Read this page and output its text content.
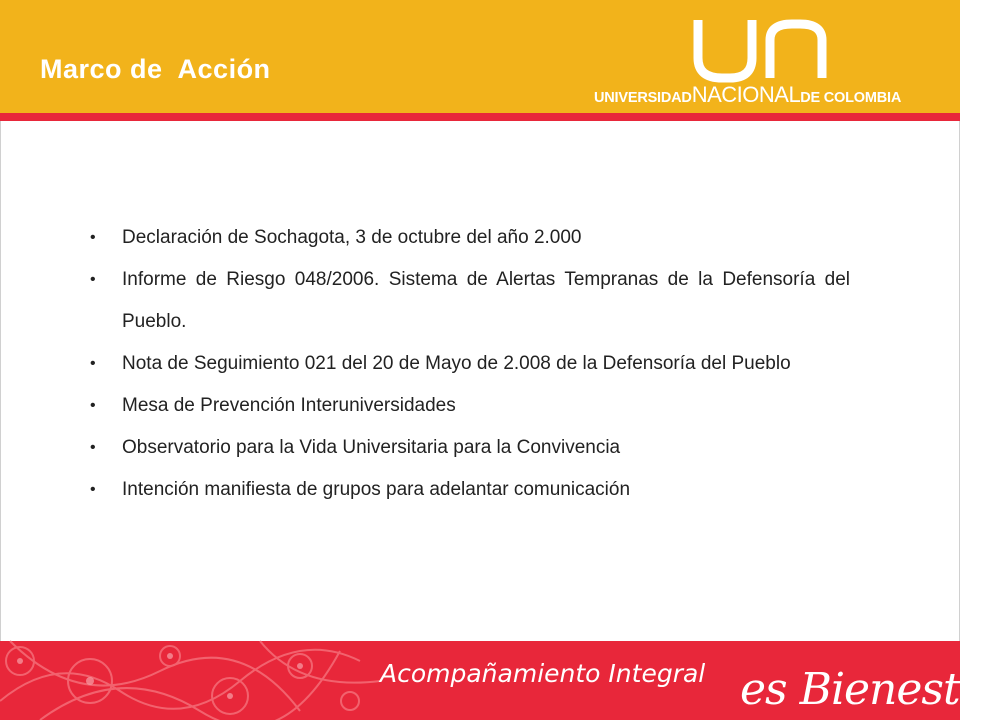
Marco de  Acción
UNIVERSIDADNACIONALDE COLOMBIA
• Declaración de Sochagota, 3 de octubre del año 2.000
• Informe de Riesgo 048/2006. Sistema de Alertas Tempranas de la Defensoría del Pueblo.
• Nota de Seguimiento 021 del 20 de Mayo de 2.008 de la Defensoría del Pueblo
• Mesa de Prevención Interuniversidades
• Observatorio para la Vida Universitaria para la Convivencia
• Intención manifiesta de grupos para adelantar comunicación
Acompañamiento Integral es Bienestar
